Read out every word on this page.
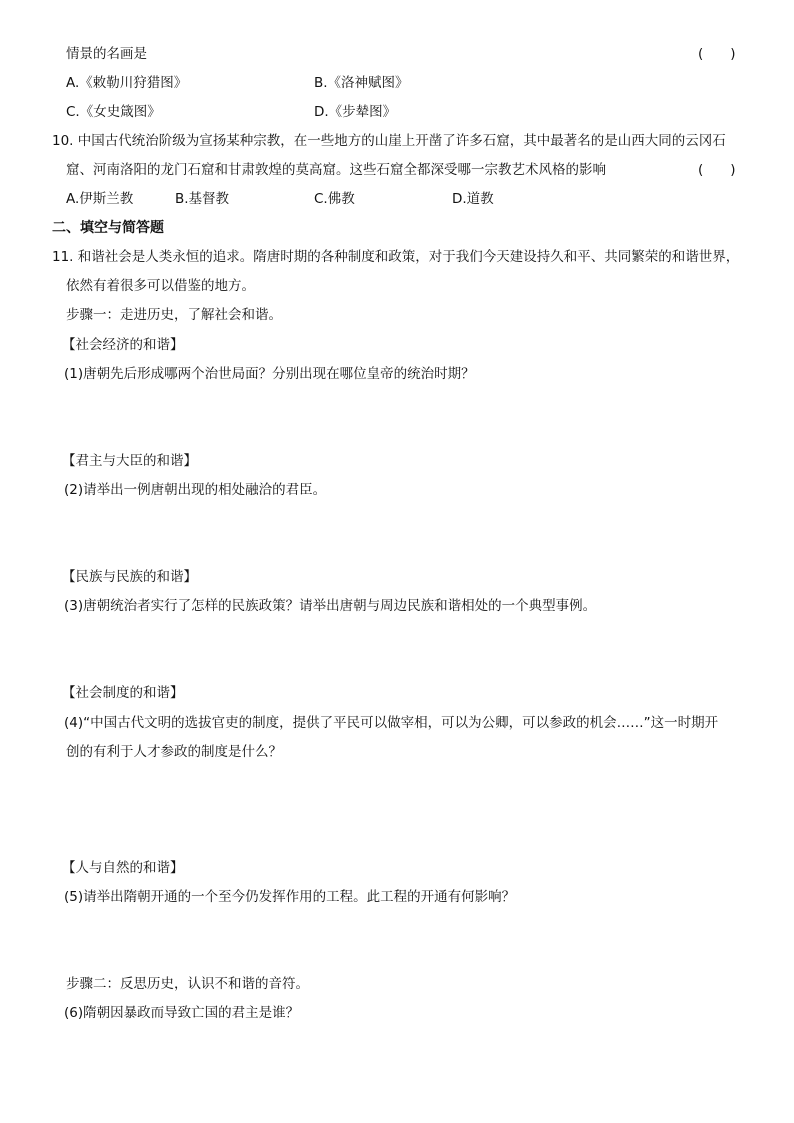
情景的名画是	(　　)
A.《敕勒川狩猎图》	B.《洛神赋图》
C.《女史箴图》	D.《步辇图》
10. 中国古代统治阶级为宣扬某种宗教，在一些地方的山崖上开凿了许多石窟，其中最著名的是山西大同的云冈石
窟、河南洛阳的龙门石窟和甘肃敦煌的莫高窟。这些石窟全都深受哪一宗教艺术风格的影响	(　　)
A.伊斯兰教	B.基督教	C.佛教	D.道教
二、填空与简答题
11. 和谐社会是人类永恒的追求。隋唐时期的各种制度和政策，对于我们今天建设持久和平、共同繁荣的和谐世界，
依然有着很多可以借鉴的地方。
步骤一：走进历史，了解社会和谐。
【社会经济的和谐】
(1)唐朝先后形成哪两个治世局面？分别出现在哪位皇帝的统治时期？
【君主与大臣的和谐】
(2)请举出一例唐朝出现的相处融洽的君臣。
【民族与民族的和谐】
(3)唐朝统治者实行了怎样的民族政策？请举出唐朝与周边民族和谐相处的一个典型事例。
【社会制度的和谐】
(4)“中国古代文明的选拔官吏的制度，提供了平民可以做宰相，可以为公卿，可以参政的机会……”这一时期开
创的有利于人才参政的制度是什么？
【人与自然的和谐】
(5)请举出隋朝开通的一个至今仍发挥作用的工程。此工程的开通有何影响？
步骤二：反思历史，认识不和谐的音符。
(6)隋朝因暴政而导致亡国的君主是谁？
